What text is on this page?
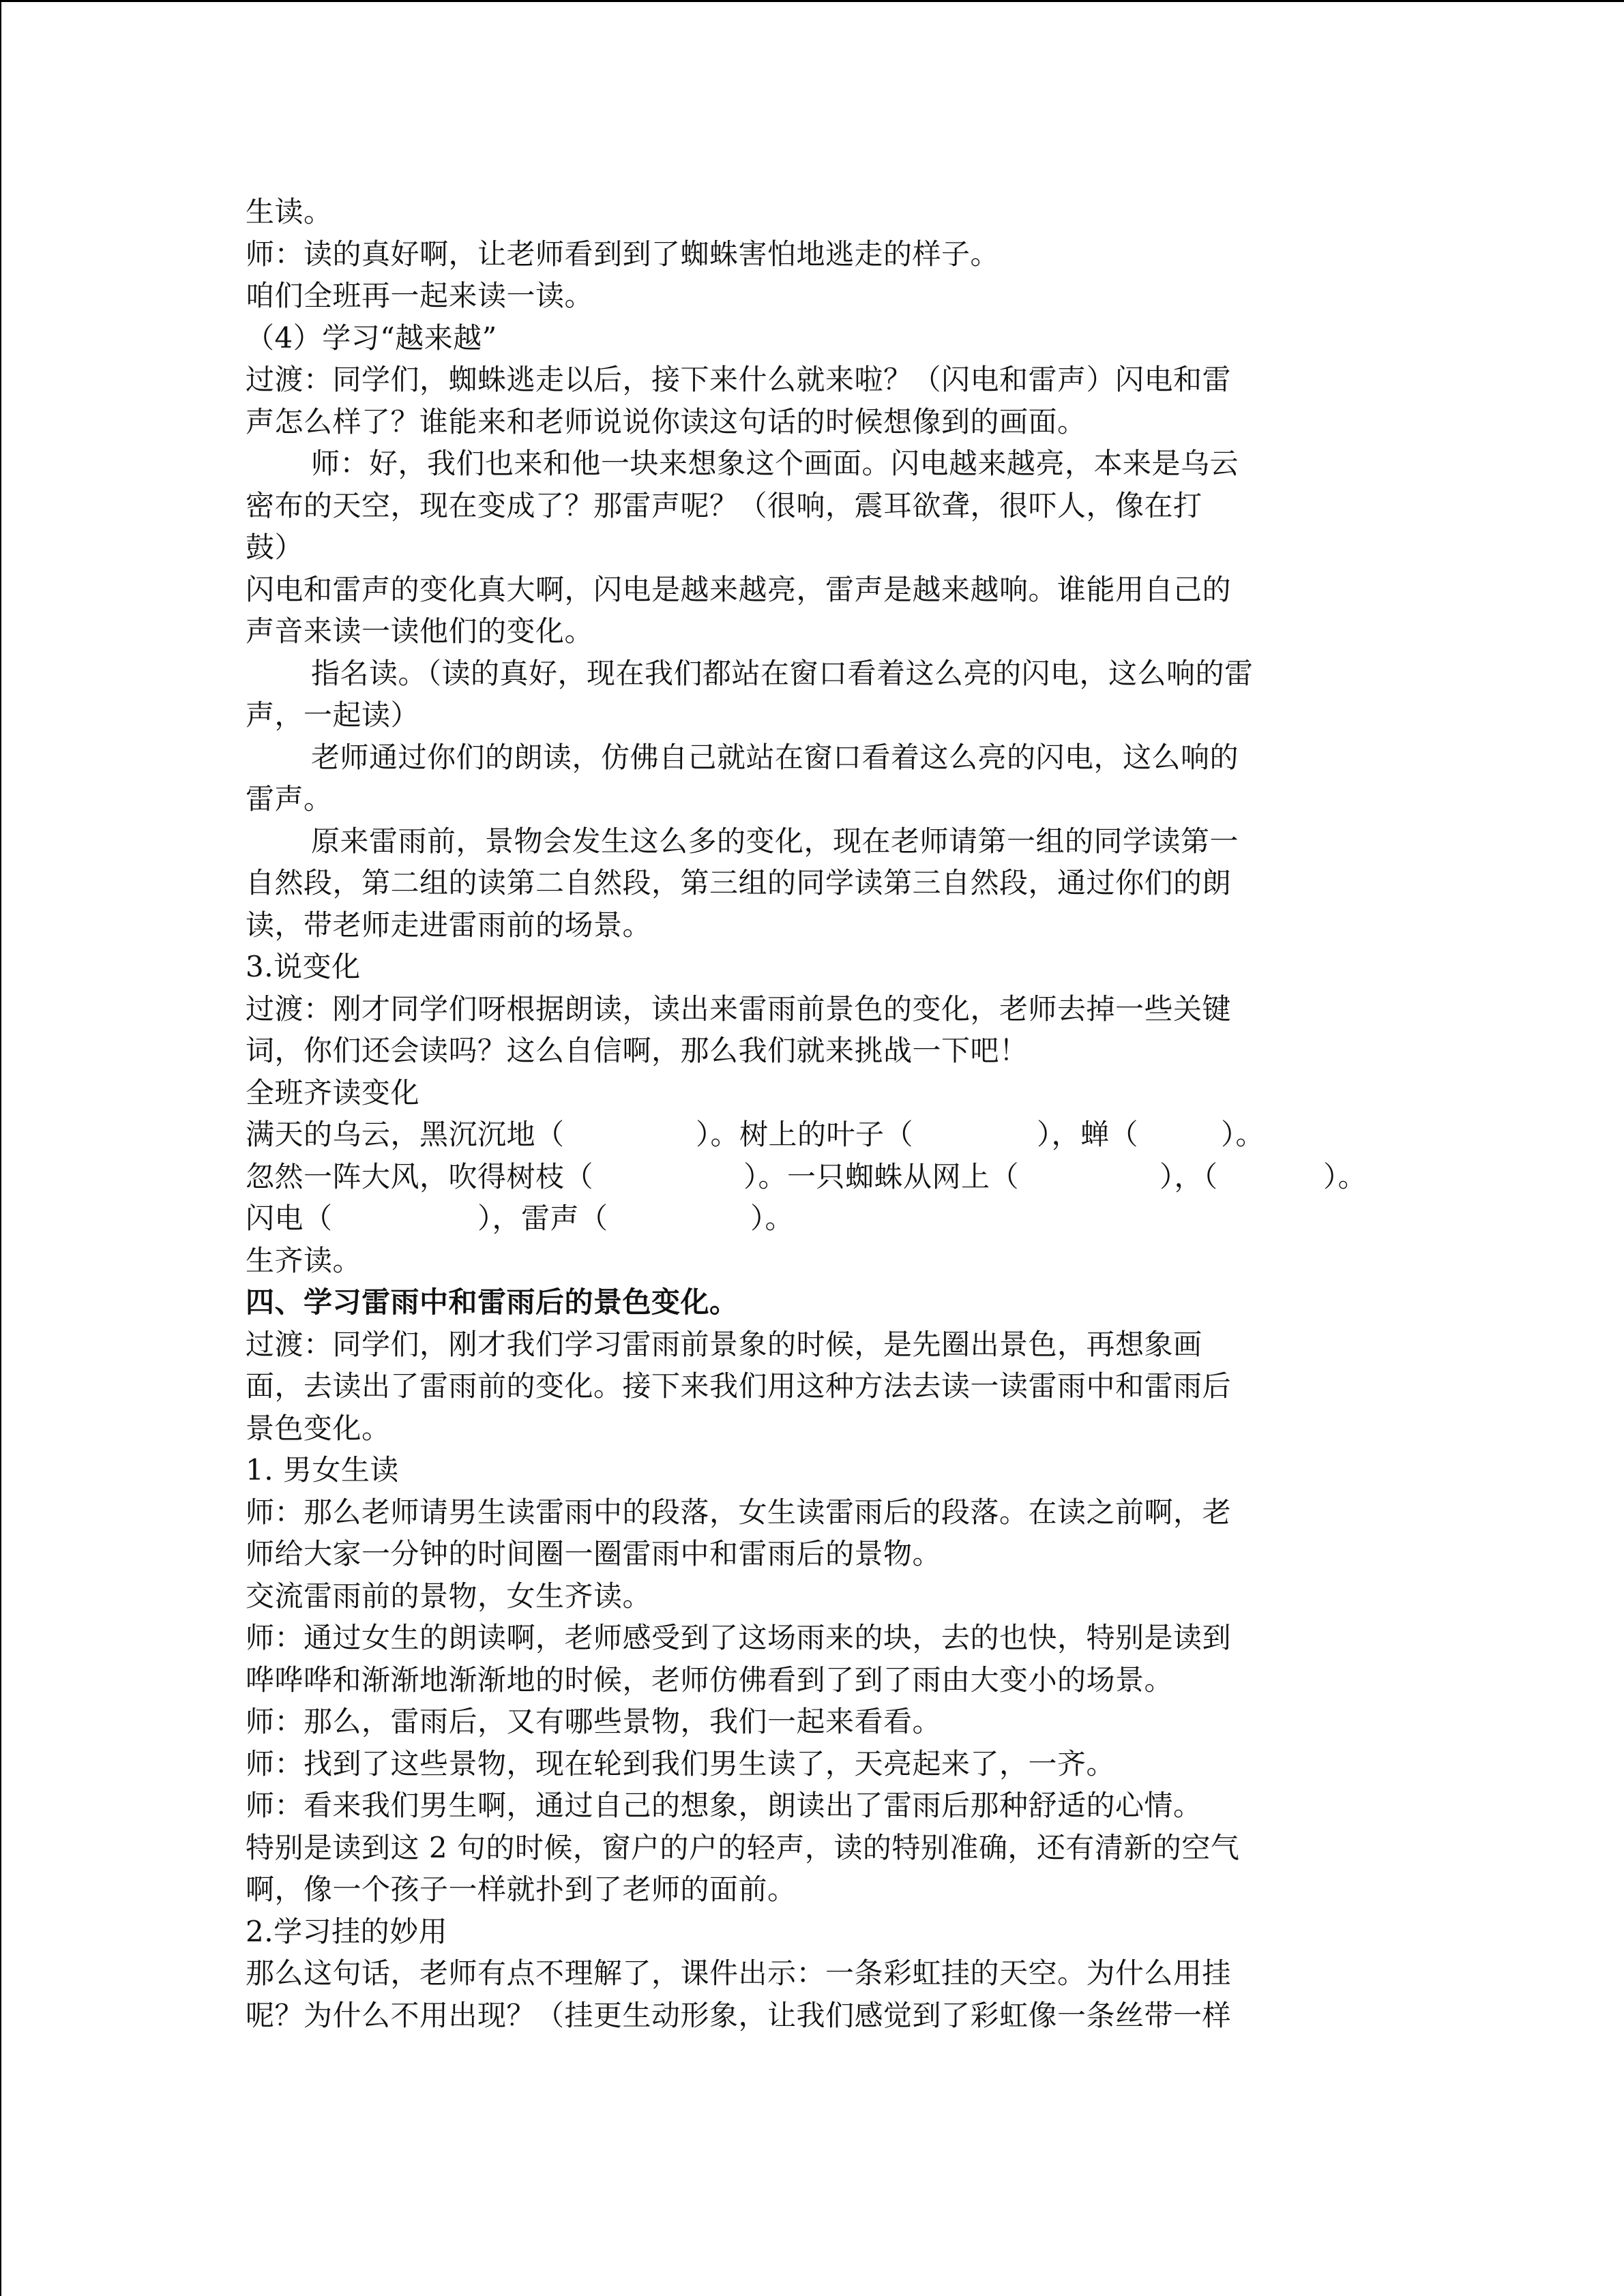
生读。
师：读的真好啊，让老师看到到了蜘蛛害怕地逃走的样子。
咱们全班再一起来读一读。
（4）学习“越来越”
过渡：同学们，蜘蛛逃走以后，接下来什么就来啦？（闪电和雷声）闪电和雷
声怎么样了？谁能来和老师说说你读这句话的时候想像到的画面。
师：好，我们也来和他一块来想象这个画面。闪电越来越亮，本来是乌云
密布的天空，现在变成了？那雷声呢？（很响，震耳欲聋，很吓人，像在打
鼓）
闪电和雷声的变化真大啊，闪电是越来越亮，雷声是越来越响。谁能用自己的
声音来读一读他们的变化。
指名读。（读的真好，现在我们都站在窗口看着这么亮的闪电，这么响的雷
声，一起读）
老师通过你们的朗读，仿佛自己就站在窗口看着这么亮的闪电，这么响的
雷声。
原来雷雨前，景物会发生这么多的变化，现在老师请第一组的同学读第一
自然段，第二组的读第二自然段，第三组的同学读第三自然段，通过你们的朗
读，带老师走进雷雨前的场景。
3.说变化
过渡：刚才同学们呀根据朗读，读出来雷雨前景色的变化，老师去掉一些关键
词，你们还会读吗？这么自信啊，那么我们就来挑战一下吧！
全班齐读变化
满天的乌云，黑沉沉地（	）。树上的叶子（	），蝉（	）。
忽然一阵大风，吹得树枝（	）。一只蜘蛛从网上（	），（	）。
闪电（	），雷声（	）。
生齐读。
四、学习雷雨中和雷雨后的景色变化。
过渡：同学们，刚才我们学习雷雨前景象的时候，是先圈出景色，再想象画
面，去读出了雷雨前的变化。接下来我们用这种方法去读一读雷雨中和雷雨后
景色变化。
1. 男女生读
师：那么老师请男生读雷雨中的段落，女生读雷雨后的段落。在读之前啊，老
师给大家一分钟的时间圈一圈雷雨中和雷雨后的景物。
交流雷雨前的景物，女生齐读。
师：通过女生的朗读啊，老师感受到了这场雨来的块，去的也快，特别是读到
哗哗哗和渐渐地渐渐地的时候，老师仿佛看到了到了雨由大变小的场景。
师：那么，雷雨后，又有哪些景物，我们一起来看看。
师：找到了这些景物，现在轮到我们男生读了，天亮起来了，一齐。
师：看来我们男生啊，通过自己的想象，朗读出了雷雨后那种舒适的心情。
特别是读到这 2 句的时候，窗户的户的轻声，读的特别准确，还有清新的空气
啊，像一个孩子一样就扑到了老师的面前。
2.学习挂的妙用
那么这句话，老师有点不理解了，课件出示：一条彩虹挂的天空。为什么用挂
呢？为什么不用出现？（挂更生动形象，让我们感觉到了彩虹像一条丝带一样
